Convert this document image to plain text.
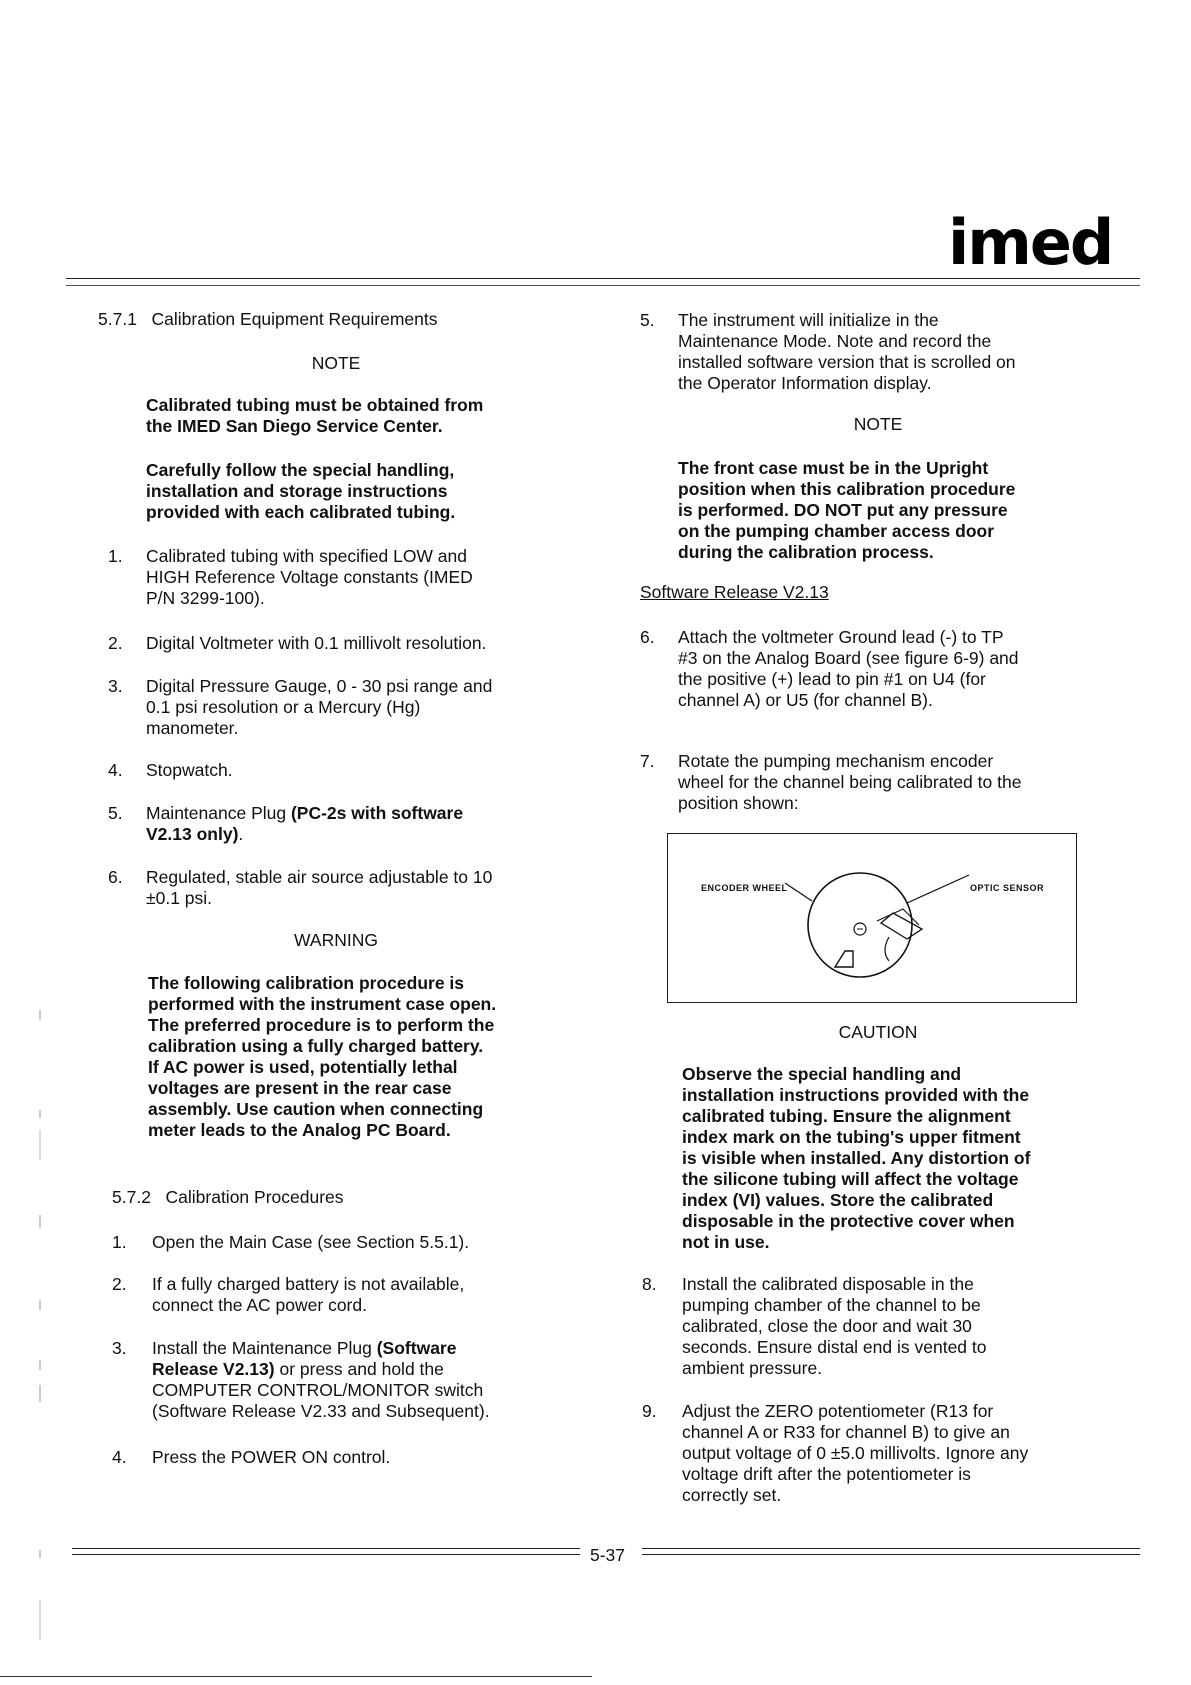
imed
5.7.1   Calibration Equipment Requirements
NOTE
Calibrated tubing must be obtained from
the IMED San Diego Service Center.
Carefully follow the special handling,
installation and storage instructions
provided with each calibrated tubing.
1. Calibrated tubing with specified LOW and
HIGH Reference Voltage constants (IMED
P/N 3299-100).
2. Digital Voltmeter with 0.1 millivolt resolution.
3. Digital Pressure Gauge, 0 - 30 psi range and
0.1 psi resolution or a Mercury (Hg)
manometer.
4. Stopwatch.
5. Maintenance Plug (PC-2s with software
V2.13 only).
6. Regulated, stable air source adjustable to 10
±0.1 psi.
WARNING
The following calibration procedure is
performed with the instrument case open.
The preferred procedure is to perform the
calibration using a fully charged battery.
If AC power is used, potentially lethal
voltages are present in the rear case
assembly. Use caution when connecting
meter leads to the Analog PC Board.
5.7.2   Calibration Procedures
1. Open the Main Case (see Section 5.5.1).
2. If a fully charged battery is not available,
connect the AC power cord.
3. Install the Maintenance Plug (Software
Release V2.13) or press and hold the
COMPUTER CONTROL/MONITOR switch
(Software Release V2.33 and Subsequent).
4. Press the POWER ON control.
5. The instrument will initialize in the
Maintenance Mode. Note and record the
installed software version that is scrolled on
the Operator Information display.
NOTE
The front case must be in the Upright
position when this calibration procedure
is performed. DO NOT put any pressure
on the pumping chamber access door
during the calibration process.
Software Release V2.13
6. Attach the voltmeter Ground lead (-) to TP
#3 on the Analog Board (see figure 6-9) and
the positive (+) lead to pin #1 on U4 (for
channel A) or U5 (for channel B).
7. Rotate the pumping mechanism encoder
wheel for the channel being calibrated to the
position shown:
ENCODER WHEEL	OPTIC SENSOR
CAUTION
Observe the special handling and
installation instructions provided with the
calibrated tubing. Ensure the alignment
index mark on the tubing's upper fitment
is visible when installed. Any distortion of
the silicone tubing will affect the voltage
index (VI) values. Store the calibrated
disposable in the protective cover when
not in use.
8. Install the calibrated disposable in the
pumping chamber of the channel to be
calibrated, close the door and wait 30
seconds. Ensure distal end is vented to
ambient pressure.
9. Adjust the ZERO potentiometer (R13 for
channel A or R33 for channel B) to give an
output voltage of 0 ±5.0 millivolts. Ignore any
voltage drift after the potentiometer is
correctly set.
5-37
